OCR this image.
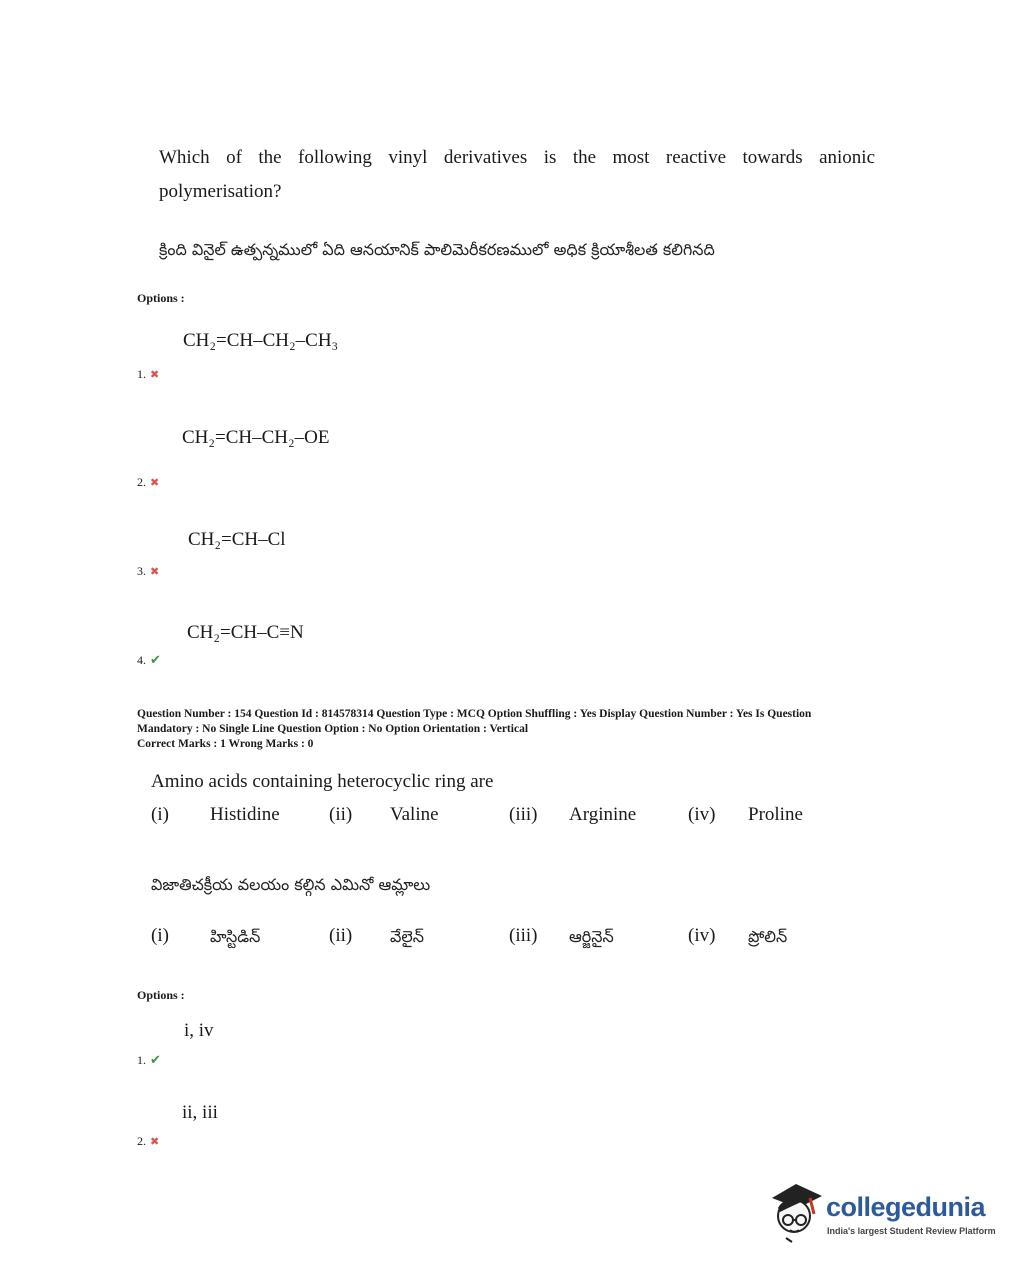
Which of the following vinyl derivatives is the most reactive towards anionic
polymerisation?
క్రింది వినైల్ ఉత్పన్నములో ఏది ఆనయానిక్ పాలిమెరీకరణములో అధిక క్రియాశీలత కలిగినది
Options :
CH₂=CH–CH₂–CH₃
1. ✖
CH₂=CH–CH₂–OE
2. ✖
CH₂=CH–Cl
3. ✖
CH₂=CH–C≡N
4. ✔
Question Number : 154 Question Id : 814578314 Question Type : MCQ Option Shuffling : Yes Display Question Number : Yes Is Question
Mandatory : No Single Line Question Option : No Option Orientation : Vertical
Correct Marks : 1 Wrong Marks : 0
Amino acids containing heterocyclic ring are
(i)	Histidine	(ii)	Valine	(iii)	Arginine	(iv)	Proline
విజాతిచక్రీయ వలయం కల్గిన ఎమినో ఆమ్లాలు
(i)	హిస్టిడిన్	(ii)	వేలైన్	(iii)	ఆర్జినైన్	(iv)	ప్రోలిన్
Options :
i, iv
1. ✔
ii, iii
2. ✖
collegedunia
India's largest Student Review Platform
